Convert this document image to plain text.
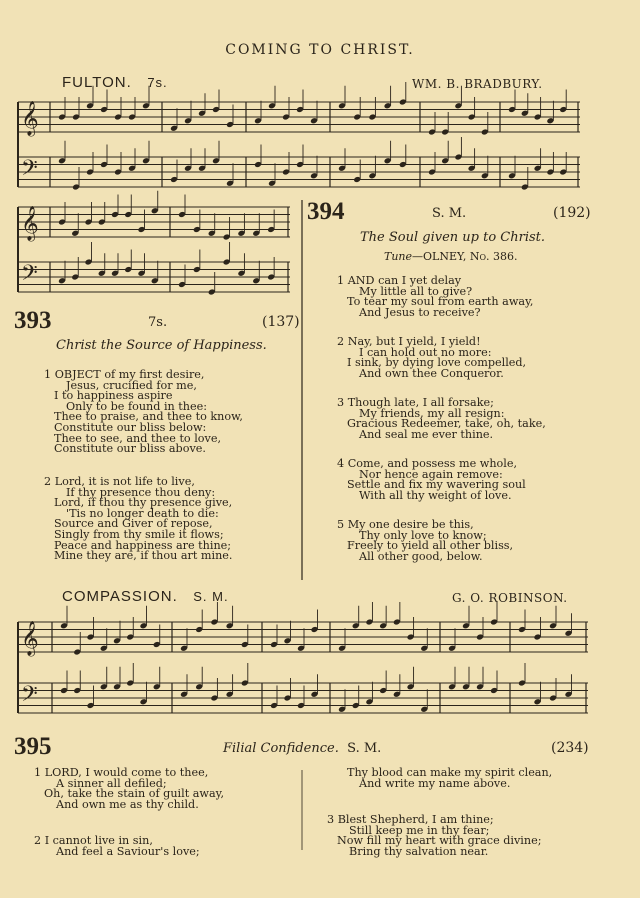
𝄞
𝄢
𝄞
𝄢
𝄞
𝄢
COMING TO CHRIST.
FULTON. 7s.	WM. B. BRADBURY.
393	7s.	(137)
Christ the Source of Happiness.
1 OBJECT of my first desire,
Jesus, crucified for me,
I to happiness aspire
Only to be found in thee:
Thee to praise, and thee to know,
Constitute our bliss below:
Thee to see, and thee to love,
Constitute our bliss above.
2 Lord, it is not life to live,
If thy presence thou deny:
Lord, if thou thy presence give,
'Tis no longer death to die:
Source and Giver of repose,
Singly from thy smile it flows;
Peace and happiness are thine;
Mine they are, if thou art mine.
394	S. M.	(192)
The Soul given up to Christ.
Tune—OLNEY, No. 386.
1 AND can I yet delay
My little all to give?
To tear my soul from earth away,
And Jesus to receive?
2 Nay, but I yield, I yield!
I can hold out no more:
I sink, by dying love compelled,
And own thee Conqueror.
3 Though late, I all forsake;
My friends, my all resign:
Gracious Redeemer, take, oh, take,
And seal me ever thine.
4 Come, and possess me whole,
Nor hence again remove:
Settle and fix my wavering soul
With all thy weight of love.
5 My one desire be this,
Thy only love to know;
Freely to yield all other bliss,
All other good, below.
COMPASSION. S. M.	G. O. ROBINSON.
395	Filial Confidence. S. M.	(234)
1 LORD, I would come to thee,
A sinner all defiled;
Oh, take the stain of guilt away,
And own me as thy child.
2 I cannot live in sin,
And feel a Saviour's love;
Thy blood can make my spirit clean,
And write my name above.
3 Blest Shepherd, I am thine;
Still keep me in thy fear;
Now fill my heart with grace divine;
Bring thy salvation near.
